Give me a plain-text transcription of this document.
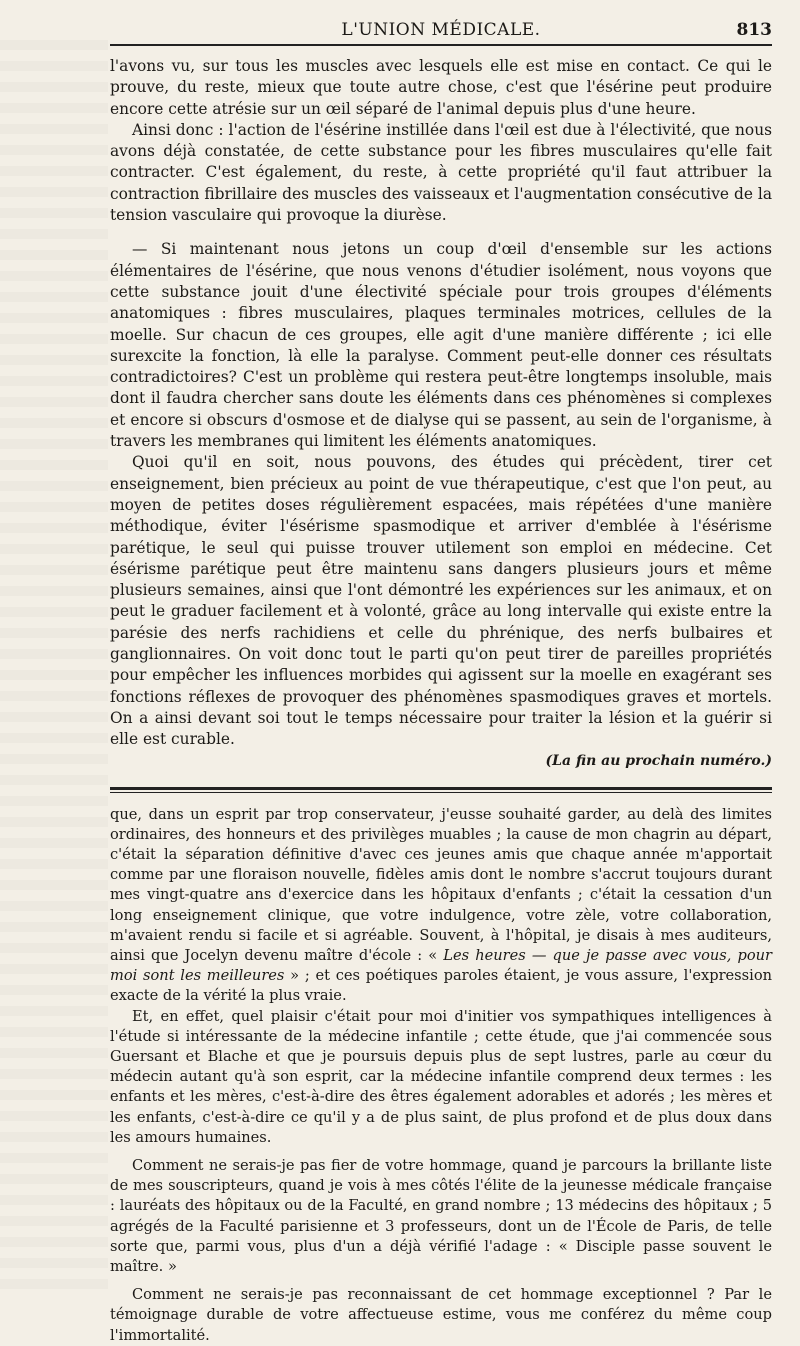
L'UNION MÉDICALE.	813

l'avons vu, sur tous les muscles avec lesquels elle est mise en contact. Ce qui le prouve, du reste, mieux que toute autre chose, c'est que l'ésérine peut produire encore cette atrésie sur un œil séparé de l'animal depuis plus d'une heure.

Ainsi donc : l'action de l'ésérine instillée dans l'œil est due à l'électivité, que nous avons déjà constatée, de cette substance pour les fibres musculaires qu'elle fait contracter. C'est également, du reste, à cette propriété qu'il faut attribuer la contraction fibrillaire des muscles des vaisseaux et l'augmentation consécutive de la tension vasculaire qui provoque la diurèse.

— Si maintenant nous jetons un coup d'œil d'ensemble sur les actions élémentaires de l'ésérine, que nous venons d'étudier isolément, nous voyons que cette substance jouit d'une électivité spéciale pour trois groupes d'éléments anatomiques : fibres musculaires, plaques terminales motrices, cellules de la moelle. Sur chacun de ces groupes, elle agit d'une manière différente ; ici elle surexcite la fonction, là elle la paralyse. Comment peut-elle donner ces résultats contradictoires? C'est un problème qui restera peut-être longtemps insoluble, mais dont il faudra chercher sans doute les éléments dans ces phénomènes si complexes et encore si obscurs d'osmose et de dialyse qui se passent, au sein de l'organisme, à travers les membranes qui limitent les éléments anatomiques.

Quoi qu'il en soit, nous pouvons, des études qui précèdent, tirer cet enseignement, bien précieux au point de vue thérapeutique, c'est que l'on peut, au moyen de petites doses régulièrement espacées, mais répétées d'une manière méthodique, éviter l'ésérisme spasmodique et arriver d'emblée à l'ésérisme parétique, le seul qui puisse trouver utilement son emploi en médecine. Cet ésérisme parétique peut être maintenu sans dangers plusieurs jours et même plusieurs semaines, ainsi que l'ont démontré les expériences sur les animaux, et on peut le graduer facilement et à volonté, grâce au long intervalle qui existe entre la parésie des nerfs rachidiens et celle du phrénique, des nerfs bulbaires et ganglionnaires. On voit donc tout le parti qu'on peut tirer de pareilles propriétés pour empêcher les influences morbides qui agissent sur la moelle en exagérant ses fonctions réflexes de provoquer des phénomènes spasmodiques graves et mortels. On a ainsi devant soi tout le temps nécessaire pour traiter la lésion et la guérir si elle est curable.

(La fin au prochain numéro.)

que, dans un esprit par trop conservateur, j'eusse souhaité garder, au delà des limites ordinaires, des honneurs et des privilèges muables ; la cause de mon chagrin au départ, c'était la séparation définitive d'avec ces jeunes amis que chaque année m'apportait comme par une floraison nouvelle, fidèles amis dont le nombre s'accrut toujours durant mes vingt-quatre ans d'exercice dans les hôpitaux d'enfants ; c'était la cessation d'un long enseignement clinique, que votre indulgence, votre zèle, votre collaboration, m'avaient rendu si facile et si agréable. Souvent, à l'hôpital, je disais à mes auditeurs, ainsi que Jocelyn devenu maître d'école : « Les heures — que je passe avec vous, pour moi sont les meilleures » ; et ces poétiques paroles étaient, je vous assure, l'expression exacte de la vérité la plus vraie.

Et, en effet, quel plaisir c'était pour moi d'initier vos sympathiques intelligences à l'étude si intéressante de la médecine infantile ; cette étude, que j'ai commencée sous Guersant et Blache et que je poursuis depuis plus de sept lustres, parle au cœur du médecin autant qu'à son esprit, car la médecine infantile comprend deux termes : les enfants et les mères, c'est-à-dire des êtres également adorables et adorés ; les mères et les enfants, c'est-à-dire ce qu'il y a de plus saint, de plus profond et de plus doux dans les amours humaines.

Comment ne serais-je pas fier de votre hommage, quand je parcours la brillante liste de mes souscripteurs, quand je vois à mes côtés l'élite de la jeunesse médicale française : lauréats des hôpitaux ou de la Faculté, en grand nombre ; 13 médecins des hôpitaux ; 5 agrégés de la Faculté parisienne et 3 professeurs, dont un de l'École de Paris, de telle sorte que, parmi vous, plus d'un a déjà vérifié l'adage : « Disciple passe souvent le maître. »

Comment ne serais-je pas reconnaissant de cet hommage exceptionnel ? Par le témoignage durable de votre affectueuse estime, vous me conférez du même coup l'immortalité.
